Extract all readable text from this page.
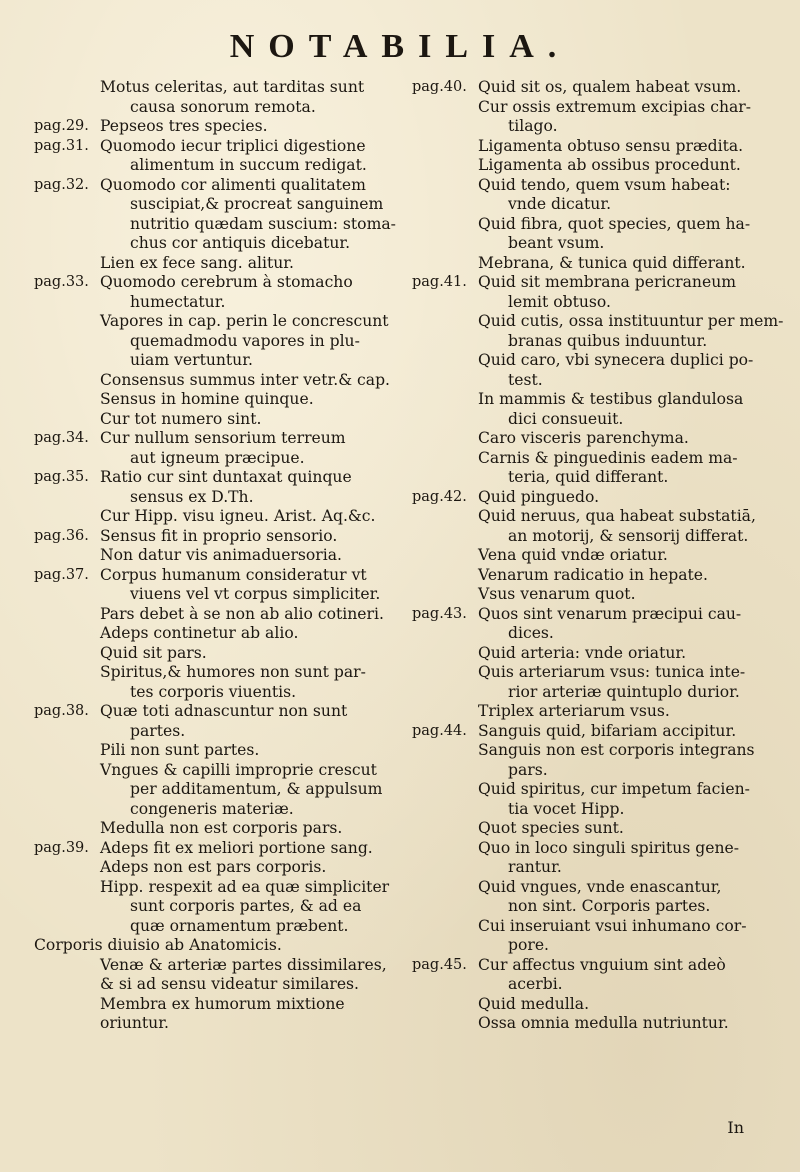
NOTABILIA.
Motus celeritas, aut tarditas sunt
causa sonorum remota.
pag.29. Pepseos tres species.
pag.31. Quomodo iecur triplici digestione
alimentum in succum redigat.
pag.32. Quomodo cor alimenti qualitatem
suscipiat,& procreat sanguinem
nutritio quædam suscium: stoma-
chus cor antiquis dicebatur.
Lien ex fece sang. alitur.
pag.33. Quomodo cerebrum à stomacho
humectatur.
Vapores in cap. perin le concrescunt
quemadmodu vapores in plu-
uiam vertuntur.
Consensus summus inter vetr.& cap.
Sensus in homine quinque.
Cur tot numero sint.
pag.34. Cur nullum sensorium terreum
aut igneum præcipue.
pag.35. Ratio cur sint duntaxat quinque
sensus ex D.Th.
Cur Hipp. visu igneu. Arist. Aq.&c.
pag.36. Sensus fit in proprio sensorio.
Non datur vis animaduersoria.
pag.37. Corpus humanum consideratur vt
viuens vel vt corpus simpliciter.
Pars debet à se non ab alio cotineri.
Adeps continetur ab alio.
Quid sit pars.
Spiritus,& humores non sunt par-
tes corporis viuentis.
pag.38. Quæ toti adnascuntur non sunt
partes.
Pili non sunt partes.
Vngues & capilli improprie crescut
per additamentum, & appulsum
congeneris materiæ.
Medulla non est corporis pars.
pag.39. Adeps fit ex meliori portione sang.
Adeps non est pars corporis.
Hipp. respexit ad ea quæ simpliciter
sunt corporis partes, & ad ea
quæ ornamentum præbent.
Corporis diuisio ab Anatomicis.
Venæ & arteriæ partes dissimilares,
& si ad sensu videatur similares.
Membra ex humorum mixtione
oriuntur.
pag.40. Quid sit os, qualem habeat vsum.
Cur ossis extremum excipias char-
tilago.
Ligamenta obtuso sensu prædita.
Ligamenta ab ossibus procedunt.
Quid tendo, quem vsum habeat:
vnde dicatur.
Quid fibra, quot species, quem ha-
beant vsum.
Mebrana, & tunica quid differant.
pag.41. Quid sit membrana pericraneum
lemit obtuso.
Quid cutis, ossa instituuntur per mem-
branas quibus induuntur.
Quid caro, vbi synecera duplici po-
test.
In mammis & testibus glandulosa
dici consueuit.
Caro visceris parenchyma.
Carnis & pinguedinis eadem ma-
teria, quid differant.
pag.42. Quid pinguedo.
Quid neruus, qua habeat substatiā,
an motorij, & sensorij differat.
Vena quid vndæ oriatur.
Venarum radicatio in hepate.
Vsus venarum quot.
pag.43. Quos sint venarum præcipui cau-
dices.
Quid arteria: vnde oriatur.
Quis arteriarum vsus: tunica inte-
rior arteriæ quintuplo durior.
Triplex arteriarum vsus.
pag.44. Sanguis quid, bifariam accipitur.
Sanguis non est corporis integrans
pars.
Quid spiritus, cur impetum facien-
tia vocet Hipp.
Quot species sunt.
Quo in loco singuli spiritus gene-
rantur.
Quid vngues, vnde enascantur,
non sint. Corporis partes.
Cui inseruiant vsui inhumano cor-
pore.
pag.45. Cur affectus vnguium sint adeò
acerbi.
Quid medulla.
Ossa omnia medulla nutriuntur.
In
